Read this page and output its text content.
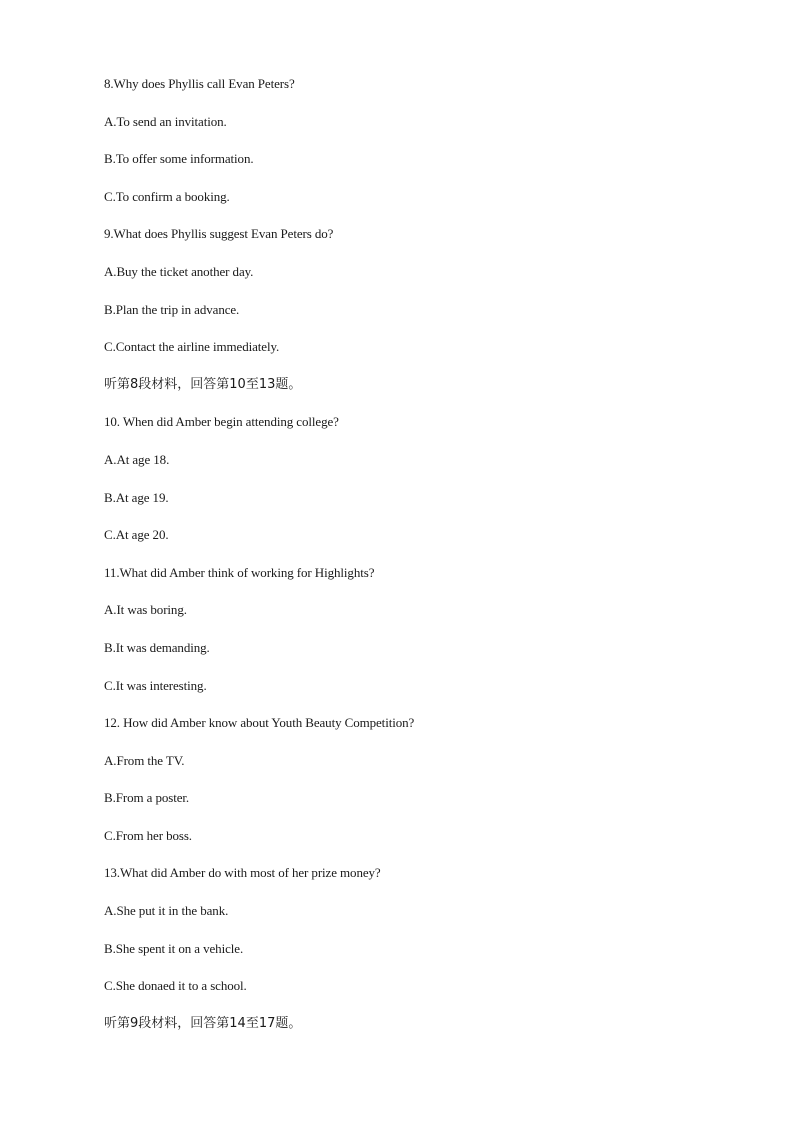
8.Why does Phyllis call Evan Peters?
A.To send an invitation.
B.To offer some information.
C.To confirm a booking.
9.What does Phyllis suggest Evan Peters do?
A.Buy the ticket another day.
B.Plan the trip in advance.
C.Contact the airline immediately.
听第8段材料，回答第10至13题。
10. When did Amber begin attending college?
A.At age 18.
B.At age 19.
C.At age 20.
11.What did Amber think of working for Highlights?
A.It was boring.
B.It was demanding.
C.It was interesting.
12. How did Amber know about Youth Beauty Competition?
A.From the TV.
B.From a poster.
C.From her boss.
13.What did Amber do with most of her prize money?
A.She put it in the bank.
B.She spent it on a vehicle.
C.She donaed it to a school.
听第9段材料，回答第14至17题。
